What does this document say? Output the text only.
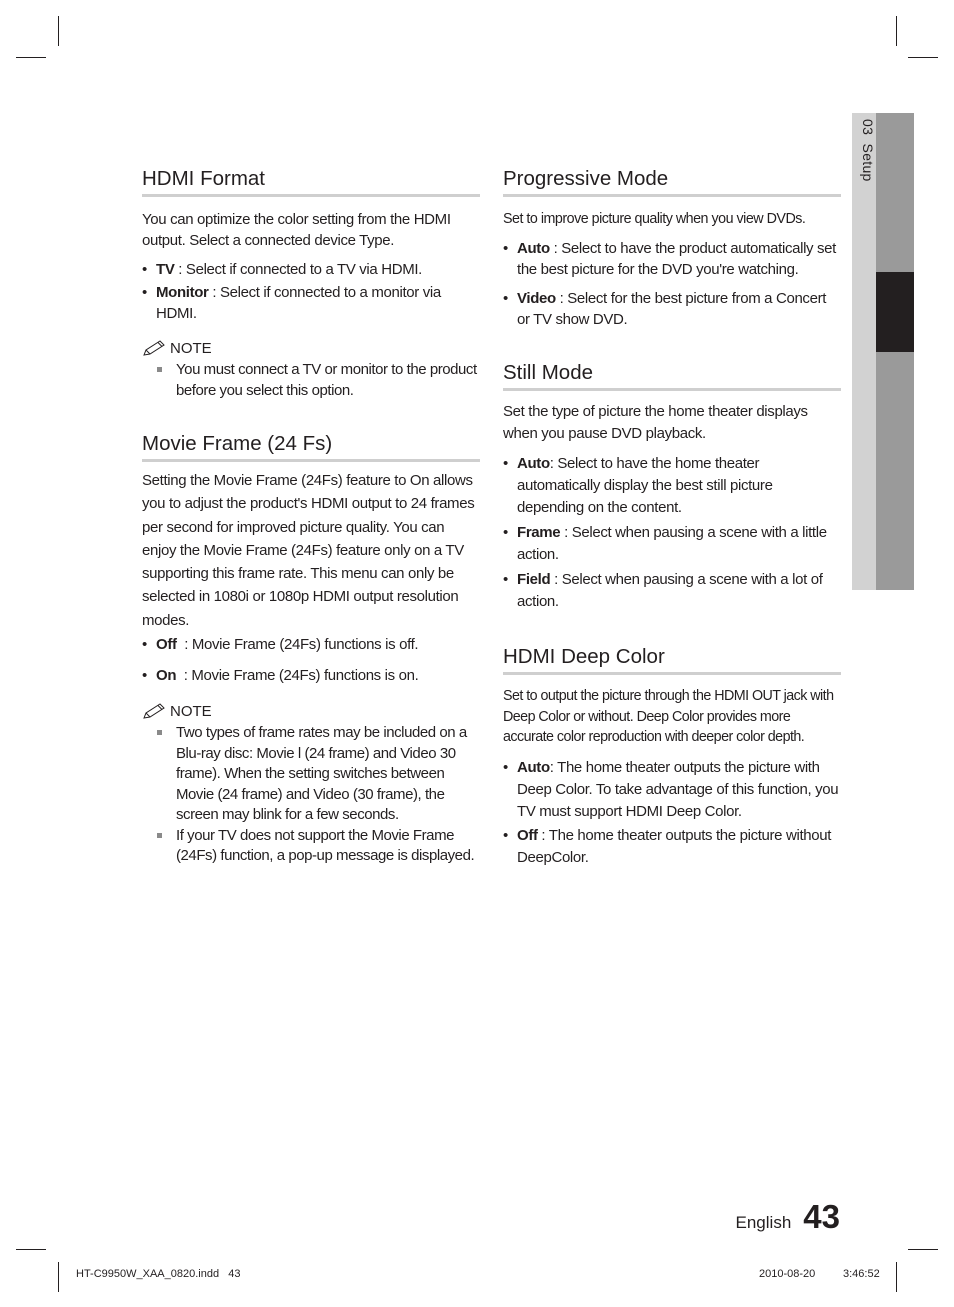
HDMI Format

You can optimize the color setting from the HDMI output. Select a connected device Type.

• TV : Select if connected to a TV via HDMI.
• Monitor : Select if connected to a monitor via HDMI.
NOTE
You must connect a TV or monitor to the product before you select this option.
Movie Frame (24 Fs)

Setting the Movie Frame (24Fs) feature to On allows you to adjust the product's HDMI output to 24 frames per second for improved picture quality. You can enjoy the Movie Frame (24Fs) feature only on a TV supporting this frame rate. This menu can only be selected in 1080i or 1080p HDMI output resolution modes.

• Off  : Movie Frame (24Fs) functions is off.
• On  : Movie Frame (24Fs) functions is on.
NOTE
Two types of frame rates may be included on a Blu-ray disc: Movie l (24 frame) and Video 30 frame). When the setting switches between Movie (24 frame) and Video (30 frame), the screen may blink for a few seconds.
If your TV does not support the Movie Frame (24Fs) function, a pop-up message is displayed.
Progressive Mode

Set to improve picture quality when you view DVDs.

• Auto : Select to have the product automatically set the best picture for the DVD you're watching.
• Video : Select for the best picture from a Concert or TV show DVD.
Still Mode

Set the type of picture the home theater displays when you pause DVD playback.

• Auto: Select to have the home theater automatically display the best still picture depending on the content.
• Frame : Select when pausing a scene with a little action.
• Field : Select when pausing a scene with a lot of action.
HDMI Deep Color

Set to output the picture through the HDMI OUT jack with Deep Color or without. Deep Color provides more accurate color reproduction with deeper color depth.

• Auto: The home theater outputs the picture with Deep Color. To take advantage of this function, you TV must support HDMI Deep Color.
• Off : The home theater outputs the picture without DeepColor.
03  Setup
English 43
HT-C9950W_XAA_0820.indd   43	2010-08-20	3:46:52
